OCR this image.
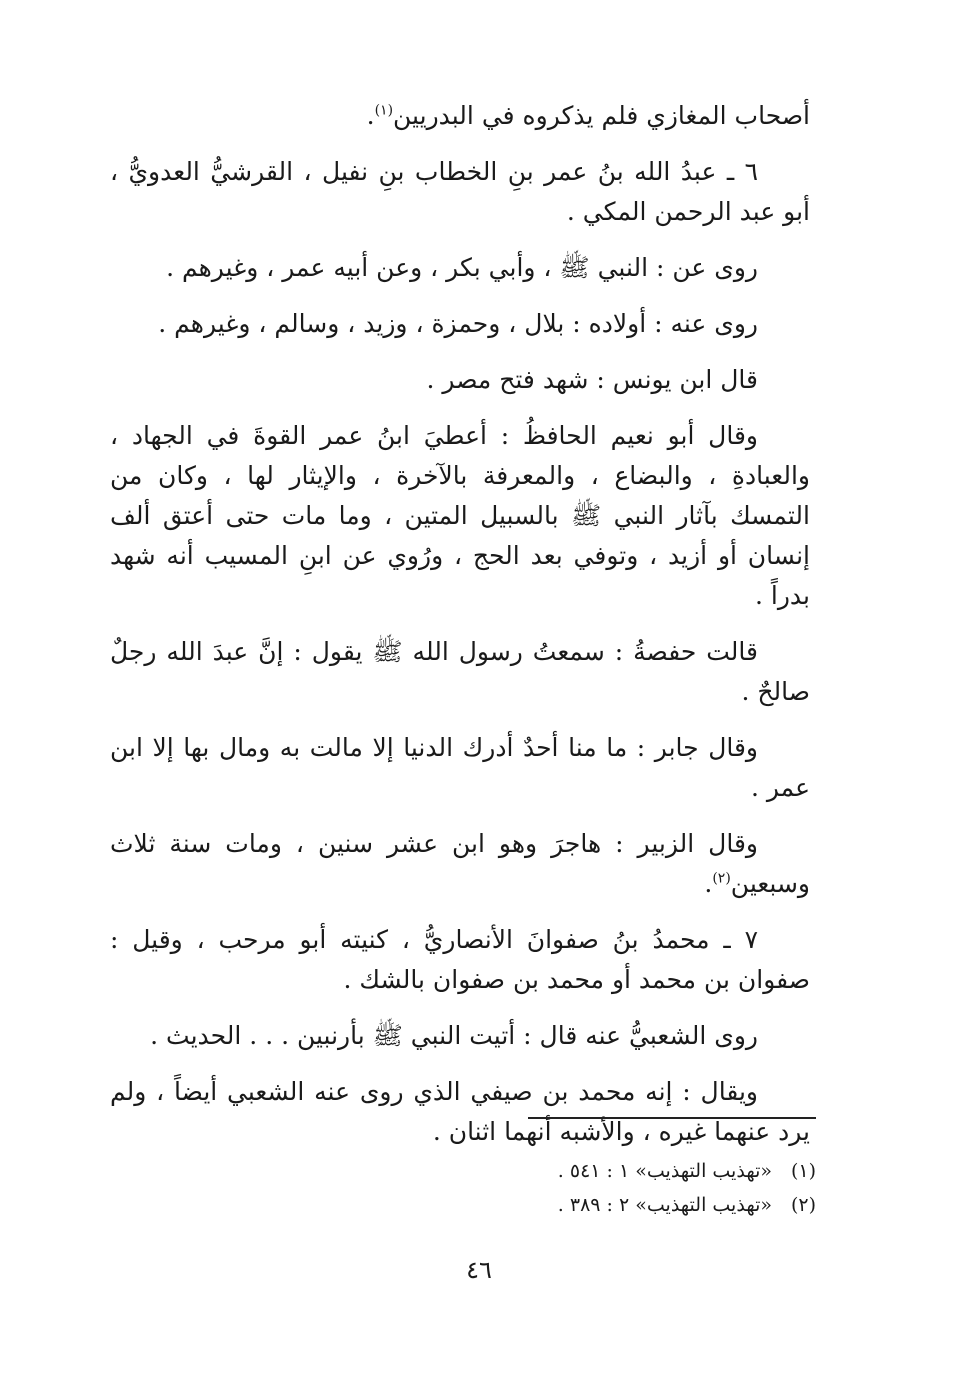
أصحاب المغازي فلم يذكروه في البدريين$^{(١)}$.

٦ ـ عبدُ الله بنُ عمر بنِ الخطاب بنِ نفيل ، القرشيُّ العدويُّ ، أبو عبد الرحمن المكي .

روى عن : النبي ﷺ ، وأبي بكر ، وعن أبيه عمر ، وغيرهم .

روى عنه : أولاده : بلال ، وحمزة ، وزيد ، وسالم ، وغيرهم .

قال ابن يونس : شهد فتح مصر .

وقال أبو نعيم الحافظُ : أعطيَ ابنُ عمر القوةَ في الجهاد ، والعبادةِ ، والبضاع ، والمعرفة بالآخرة ، والإيثار لها ، وكان من التمسك بآثار النبي ﷺ بالسبيل المتين ، وما مات حتى أعتق ألف إنسان أو أزيد ، وتوفي بعد الحج ، ورُوي عن ابنِ المسيب أنه شهد بدراً .

قالت حفصةُ : سمعتُ رسول الله ﷺ يقول : إنَّ عبدَ الله رجلٌ صالحٌ .

وقال جابر : ما منا أحدٌ أدرك الدنيا إلا مالت به ومال بها إلا ابن عمر .

وقال الزبير : هاجرَ وهو ابن عشر سنين ، ومات سنة ثلاث وسبعين$^{(٢)}$.

٧ ـ محمدُ بنُ صفوانَ الأنصاريُّ ، كنيته أبو مرحب ، وقيل : صفوان بن محمد أو محمد بن صفوان بالشك .

روى الشعبيُّ عنه قال : أتيت النبي ﷺ بأرنبين . . . الحديث .

ويقال : إنه محمد بن صيفي الذي روى عنه الشعبي أيضاً ، ولم يرد عنهما غيره ، والأشبه أنهما اثنان .

(١)«تهذيب التهذيب» ١ : ٥٤١ .
(٢)«تهذيب التهذيب» ٢ : ٣٨٩ .
٤٦
